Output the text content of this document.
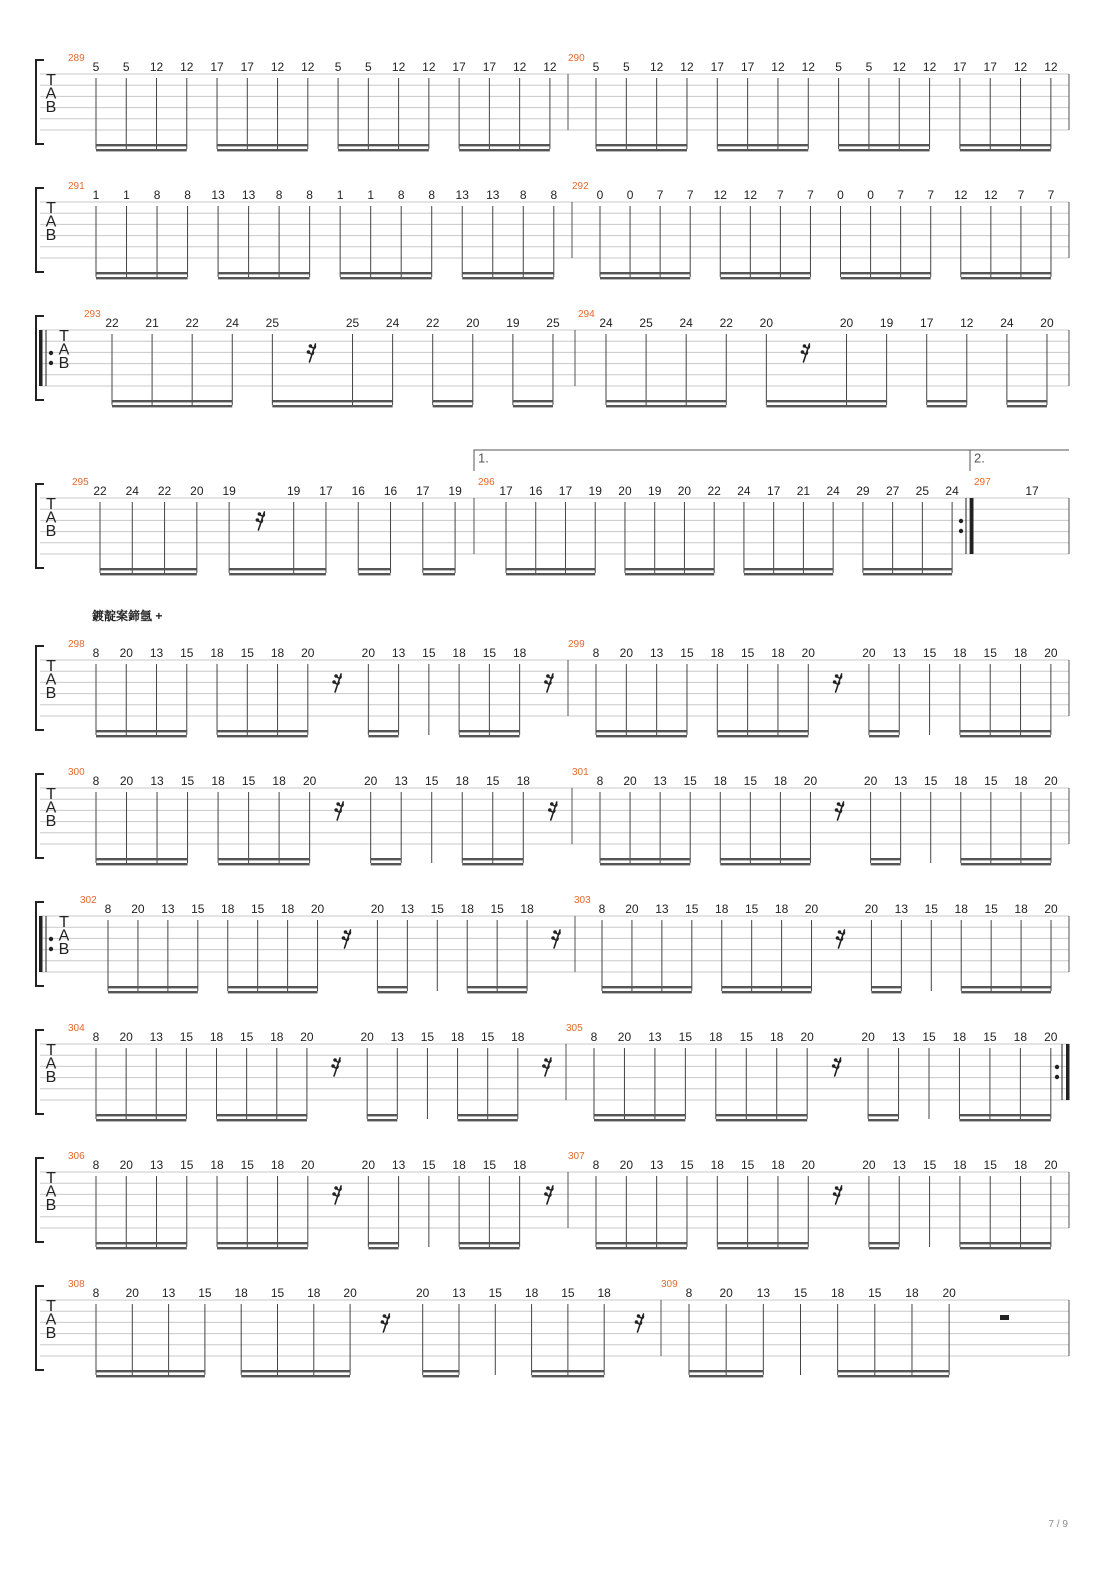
T
A
B
289
5 5 12 12 17 17 12 12 5 5 12 12 17 17 12 12
290
5 5 12 12 17 17 12 12 5 5 12 12 17 17 12 12
T
A
B
291
1 1 8 8 13 13 8 8 1 1 8 8 13 13 8 8
292
0 0 7 7 12 12 7 7 0 0 7 7 12 12 7 7
T
A
B
293
22 21 22 24 25	25 24 22 20 19 25
294
24 25 24 22 20	20 19 17 12 24 20
T
A
B
1.	2.
295
22 24 22 20 19	19 17 16 16 17 19
296
17 16 17 19 20 19 20 22 24 17 21 24 29 27 25 24
297
17
鍍靛案鍗氬 +
T
A
B
298
8 20 13 15 18 15 18 20	20 13 15 18 15 18
299
8 20 13 15 18 15 18 20	20 13 15 18 15 18 20
T
A
B
300
8 20 13 15 18 15 18 20	20 13 15 18 15 18
301
8 20 13 15 18 15 18 20	20 13 15 18 15 18 20
T
A
B
302
8 20 13 15 18 15 18 20	20 13 15 18 15 18
303
8 20 13 15 18 15 18 20	20 13 15 18 15 18 20
T
A
B
304
8 20 13 15 18 15 18 20	20 13 15 18 15 18
305
8 20 13 15 18 15 18 20	20 13 15 18 15 18 20
T
A
B
306
8 20 13 15 18 15 18 20	20 13 15 18 15 18
307
8 20 13 15 18 15 18 20	20 13 15 18 15 18 20
T
A
B
308
8 20 13 15 18 15 18 20	20 13 15 18 15 18
309
8 20 13 15 18 15 18 20
7 / 9
